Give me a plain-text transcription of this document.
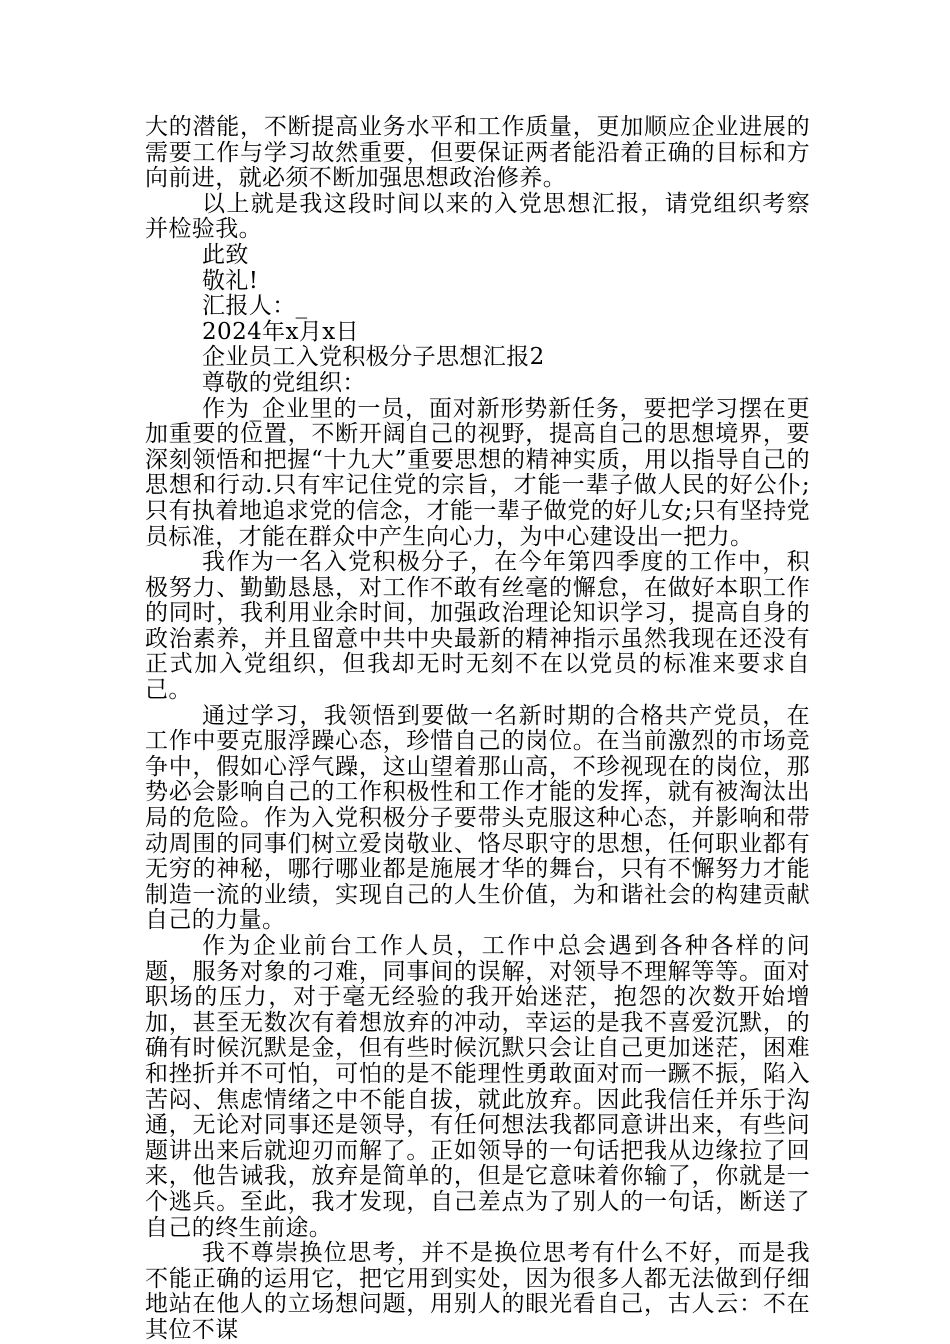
大的潜能，不断提高业务水平和工作质量，更加顺应企业进展的需要工作与学习故然重要，但要保证两者能沿着正确的目标和方向前进，就必须不断加强思想政治修养。

以上就是我这段时间以来的入党思想汇报，请党组织考察并检验我。

此致

敬礼!

汇报人：_

2024年x月x日

企业员工入党积极分子思想汇报2

尊敬的党组织：

作为_企业里的一员，面对新形势新任务，要把学习摆在更加重要的位置，不断开阔自己的视野，提高自己的思想境界，要深刻领悟和把握“十九大”重要思想的精神实质，用以指导自己的思想和行动.只有牢记住党的宗旨，才能一辈子做人民的好公仆;只有执着地追求党的信念，才能一辈子做党的好儿女;只有坚持党员标准，才能在群众中产生向心力，为中心建设出一把力。

我作为一名入党积极分子，在今年第四季度的工作中，积极努力、勤勤恳恳，对工作不敢有丝毫的懈怠，在做好本职工作的同时，我利用业余时间，加强政治理论知识学习，提高自身的政治素养，并且留意中共中央最新的精神指示虽然我现在还没有正式加入党组织，但我却无时无刻不在以党员的标准来要求自己。

通过学习，我领悟到要做一名新时期的合格共产党员，在工作中要克服浮躁心态，珍惜自己的岗位。在当前激烈的市场竞争中，假如心浮气躁，这山望着那山高，不珍视现在的岗位，那势必会影响自己的工作积极性和工作才能的发挥，就有被淘汰出局的危险。作为入党积极分子要带头克服这种心态，并影响和带动周围的同事们树立爱岗敬业、恪尽职守的思想，任何职业都有无穷的神秘，哪行哪业都是施展才华的舞台，只有不懈努力才能制造一流的业绩，实现自己的人生价值，为和谐社会的构建贡献自己的力量。

作为企业前台工作人员，工作中总会遇到各种各样的问题，服务对象的刁难，同事间的误解，对领导不理解等等。面对职场的压力，对于毫无经验的我开始迷茫，抱怨的次数开始增加，甚至无数次有着想放弃的冲动，幸运的是我不喜爱沉默，的确有时候沉默是金，但有些时候沉默只会让自己更加迷茫，困难和挫折并不可怕，可怕的是不能理性勇敢面对而一蹶不振，陷入苦闷、焦虑情绪之中不能自拔，就此放弃。因此我信任并乐于沟通，无论对同事还是领导，有任何想法我都同意讲出来，有些问题讲出来后就迎刃而解了。正如领导的一句话把我从边缘拉了回来，他告诫我，放弃是简单的，但是它意味着你输了，你就是一个逃兵。至此，我才发现，自己差点为了别人的一句话，断送了自己的终生前途。

我不尊崇换位思考，并不是换位思考有什么不好，而是我不能正确的运用它，把它用到实处，因为很多人都无法做到仔细地站在他人的立场想问题，用别人的眼光看自己，古人云：不在其位不谋
